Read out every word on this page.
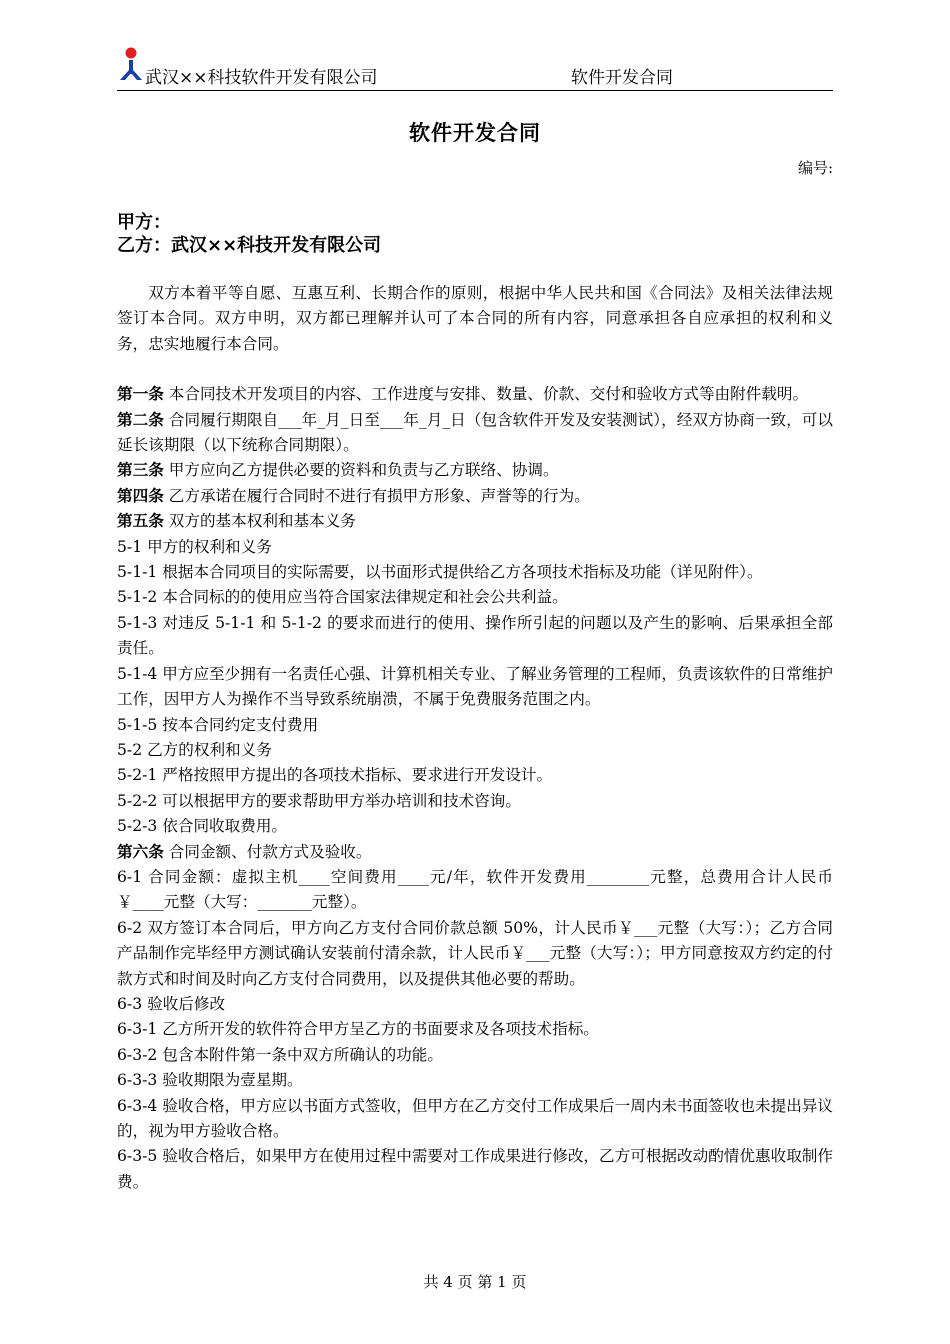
武汉××科技软件开发有限公司	软件开发合同
软件开发合同
编号:
甲方：
乙方：武汉××科技开发有限公司

双方本着平等自愿、互惠互利、长期合作的原则，根据中华人民共和国《合同法》及相关法律法规签订本合同。双方申明，双方都已理解并认可了本合同的所有内容，同意承担各自应承担的权利和义务，忠实地履行本合同。

第一条 本合同技术开发项目的内容、工作进度与安排、数量、价款、交付和验收方式等由附件载明。

第二条 合同履行期限自___年_月_日至___年_月_日（包含软件开发及安装测试），经双方协商一致，可以延长该期限（以下统称合同期限）。

第三条 甲方应向乙方提供必要的资料和负责与乙方联络、协调。

第四条 乙方承诺在履行合同时不进行有损甲方形象、声誉等的行为。

第五条 双方的基本权利和基本义务

5-1 甲方的权利和义务

5-1-1 根据本合同项目的实际需要，以书面形式提供给乙方各项技术指标及功能（详见附件）。

5-1-2 本合同标的的使用应当符合国家法律规定和社会公共利益。

5-1-3 对违反 5-1-1 和 5-1-2 的要求而进行的使用、操作所引起的问题以及产生的影响、后果承担全部责任。

5-1-4 甲方应至少拥有一名责任心强、计算机相关专业、了解业务管理的工程师，负责该软件的日常维护工作，因甲方人为操作不当导致系统崩溃，不属于免费服务范围之内。

5-1-5 按本合同约定支付费用

5-2 乙方的权利和义务

5-2-1 严格按照甲方提出的各项技术指标、要求进行开发设计。

5-2-2 可以根据甲方的要求帮助甲方举办培训和技术咨询。

5-2-3 依合同收取费用。

第六条 合同金额、付款方式及验收。

6-1 合同金额：虚拟主机____空间费用____元/年，软件开发费用________元整，总费用合计人民币￥____元整（大写：_______元整）。

6-2 双方签订本合同后，甲方向乙方支付合同价款总额 50%，计人民币￥___元整（大写：）；乙方合同产品制作完毕经甲方测试确认安装前付清余款，计人民币￥___元整（大写：）；甲方同意按双方约定的付款方式和时间及时向乙方支付合同费用，以及提供其他必要的帮助。

6-3 验收后修改

6-3-1 乙方所开发的软件符合甲方呈乙方的书面要求及各项技术指标。

6-3-2 包含本附件第一条中双方所确认的功能。

6-3-3 验收期限为壹星期。

6-3-4 验收合格，甲方应以书面方式签收，但甲方在乙方交付工作成果后一周内未书面签收也未提出异议的，视为甲方验收合格。

6-3-5 验收合格后，如果甲方在使用过程中需要对工作成果进行修改，乙方可根据改动酌情优惠收取制作费。

共 4 页 第 1 页
